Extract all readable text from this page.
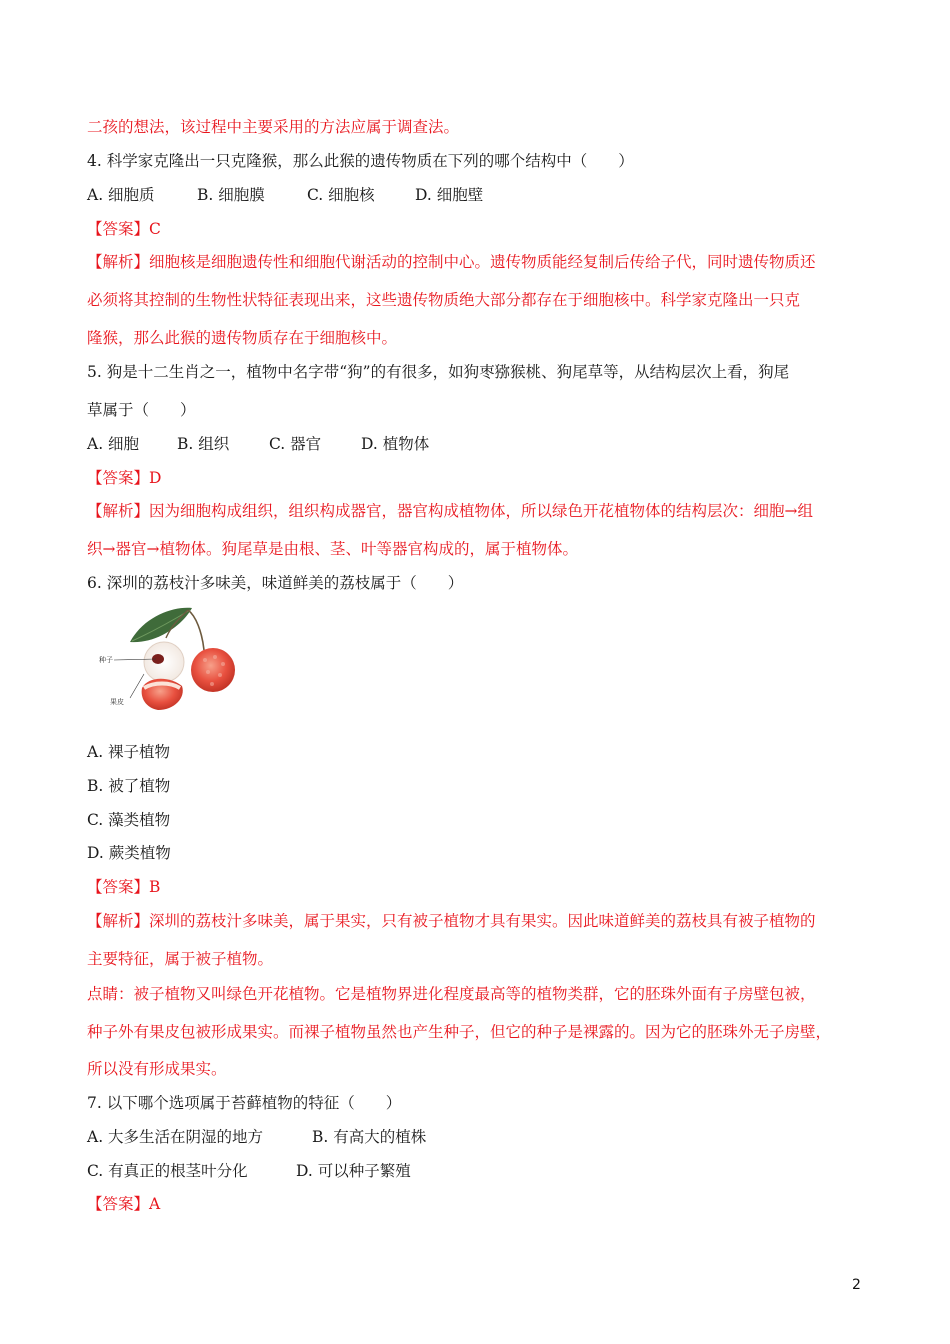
二孩的想法，该过程中主要采用的方法应属于调查法。
4. 科学家克隆出一只克隆猴，那么此猴的遗传物质在下列的哪个结构中（　　）
A. 细胞质	B. 细胞膜	C. 细胞核	D. 细胞壁
【答案】C
【解析】细胞核是细胞遗传性和细胞代谢活动的控制中心。遗传物质能经复制后传给子代，同时遗传物质还
必须将其控制的生物性状特征表现出来，这些遗传物质绝大部分都存在于细胞核中。科学家克隆出一只克
隆猴，那么此猴的遗传物质存在于细胞核中。
5. 狗是十二生肖之一，植物中名字带“狗”的有很多，如狗枣猕猴桃、狗尾草等，从结构层次上看，狗尾
草属于（　　）
A. 细胞 B. 组织	C. 器官	D. 植物体
【答案】D
【解析】因为细胞构成组织，组织构成器官，器官构成植物体，所以绿色开花植物体的结构层次：细胞→组
织→器官→植物体。狗尾草是由根、茎、叶等器官构成的，属于植物体。
6. 深圳的荔枝汁多味美，味道鲜美的荔枝属于（　　）
种子
果皮
A. 裸子植物
B. 被了植物
C. 藻类植物
D. 蕨类植物
【答案】B
【解析】深圳的荔枝汁多味美，属于果实，只有被子植物才具有果实。因此味道鲜美的荔枝具有被子植物的
主要特征，属于被子植物。
点睛：被子植物又叫绿色开花植物。它是植物界进化程度最高等的植物类群，它的胚珠外面有子房壁包被，
种子外有果皮包被形成果实。而裸子植物虽然也产生种子，但它的种子是裸露的。因为它的胚珠外无子房壁，
所以没有形成果实。
7. 以下哪个选项属于苔藓植物的特征（　　）
A. 大多生活在阴湿的地方	B. 有高大的植株
C. 有真正的根茎叶分化	D. 可以种子繁殖
【答案】A
2
